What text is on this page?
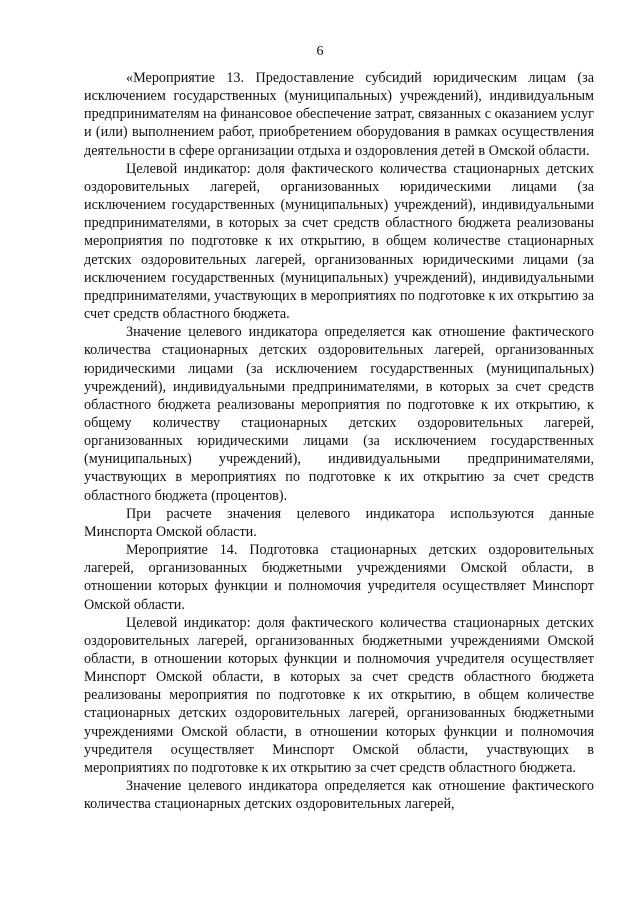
6

«Мероприятие 13. Предоставление субсидий юридическим лицам (за исключением государственных (муниципальных) учреждений), индивидуальным предпринимателям на финансовое обеспечение затрат, связанных с оказанием услуг и (или) выполнением работ, приобретением оборудования в рамках осуществления деятельности в сфере организации отдыха и оздоровления детей в Омской области.

Целевой индикатор: доля фактического количества стационарных детских оздоровительных лагерей, организованных юридическими лицами (за исключением государственных (муниципальных) учреждений), индивидуальными предпринимателями, в которых за счет средств областного бюджета реализованы мероприятия по подготовке к их открытию, в общем количестве стационарных детских оздоровительных лагерей, организованных юридическими лицами (за исключением государственных (муниципальных) учреждений), индивидуальными предпринимателями, участвующих в мероприятиях по подготовке к их открытию за счет средств областного бюджета.

Значение целевого индикатора определяется как отношение фактического количества стационарных детских оздоровительных лагерей, организованных юридическими лицами (за исключением государственных (муниципальных) учреждений), индивидуальными предпринимателями, в которых за счет средств областного бюджета реализованы мероприятия по подготовке к их открытию, к общему количеству стационарных детских оздоровительных лагерей, организованных юридическими лицами (за исключением государственных (муниципальных) учреждений), индивидуальными предпринимателями, участвующих в мероприятиях по подготовке к их открытию за счет средств областного бюджета (процентов).

При расчете значения целевого индикатора используются данные Минспорта Омской области.

Мероприятие 14. Подготовка стационарных детских оздоровительных лагерей, организованных бюджетными учреждениями Омской области, в отношении которых функции и полномочия учредителя осуществляет Минспорт Омской области.

Целевой индикатор: доля фактического количества стационарных детских оздоровительных лагерей, организованных бюджетными учреждениями Омской области, в отношении которых функции и полномочия учредителя осуществляет Минспорт Омской области, в которых за счет средств областного бюджета реализованы мероприятия по подготовке к их открытию, в общем количестве стационарных детских оздоровительных лагерей, организованных бюджетными учреждениями Омской области, в отношении которых функции и полномочия учредителя осуществляет Минспорт Омской области, участвующих в мероприятиях по подготовке к их открытию за счет средств областного бюджета.

Значение целевого индикатора определяется как отношение фактического количества стационарных детских оздоровительных лагерей,
